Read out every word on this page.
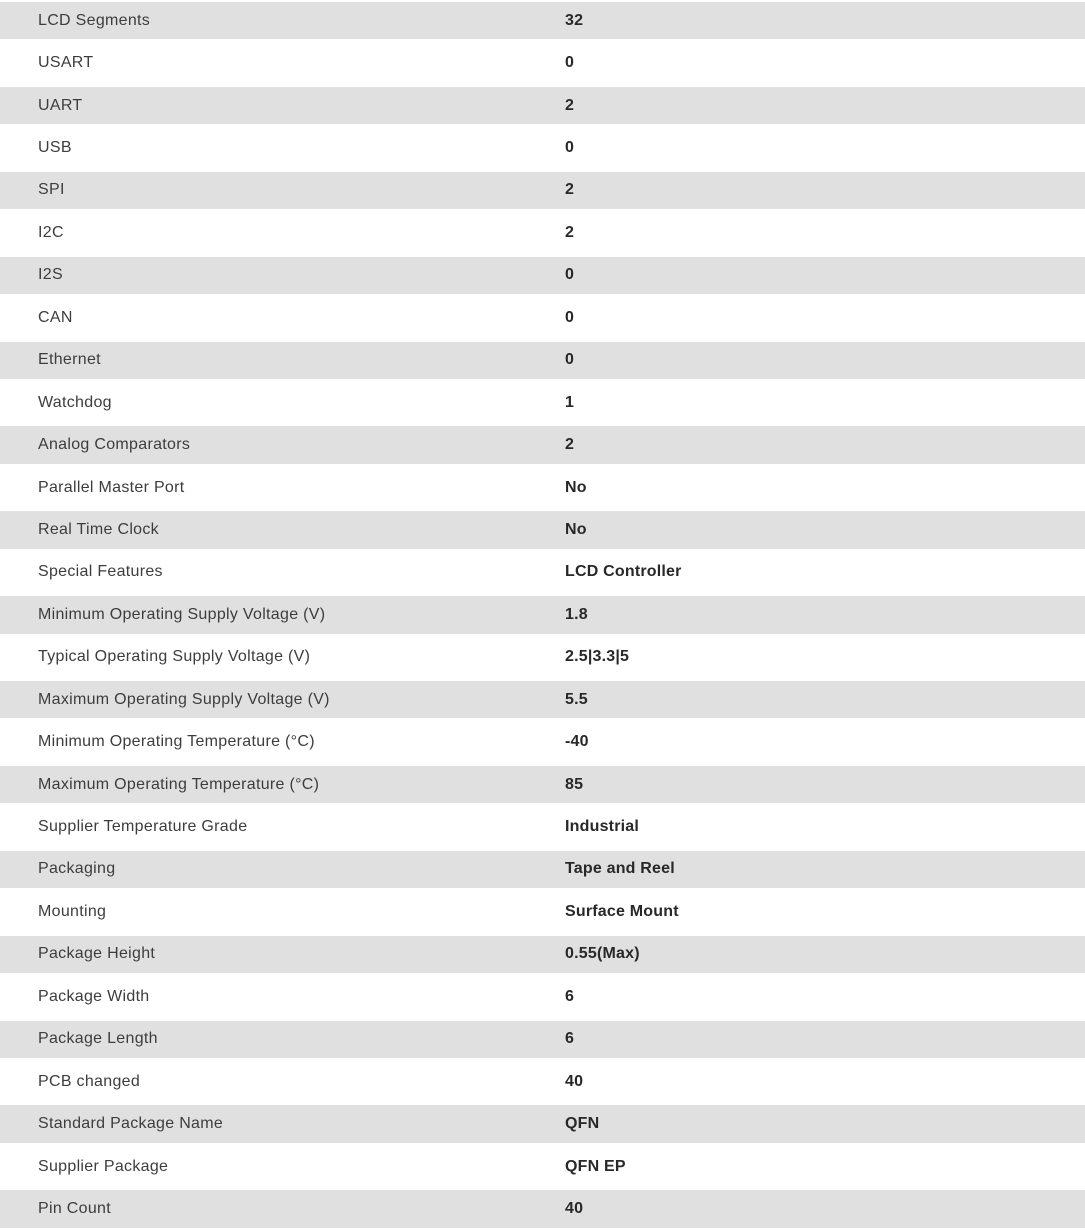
LCD Segments	32
USART	0
UART	2
USB	0
SPI	2
I2C	2
I2S	0
CAN	0
Ethernet	0
Watchdog	1
Analog Comparators	2
Parallel Master Port	No
Real Time Clock	No
Special Features	LCD Controller
Minimum Operating Supply Voltage (V)	1.8
Typical Operating Supply Voltage (V)	2.5|3.3|5
Maximum Operating Supply Voltage (V)	5.5
Minimum Operating Temperature (°C)	-40
Maximum Operating Temperature (°C)	85
Supplier Temperature Grade	Industrial
Packaging	Tape and Reel
Mounting	Surface Mount
Package Height	0.55(Max)
Package Width	6
Package Length	6
PCB changed	40
Standard Package Name	QFN
Supplier Package	QFN EP
Pin Count	40
